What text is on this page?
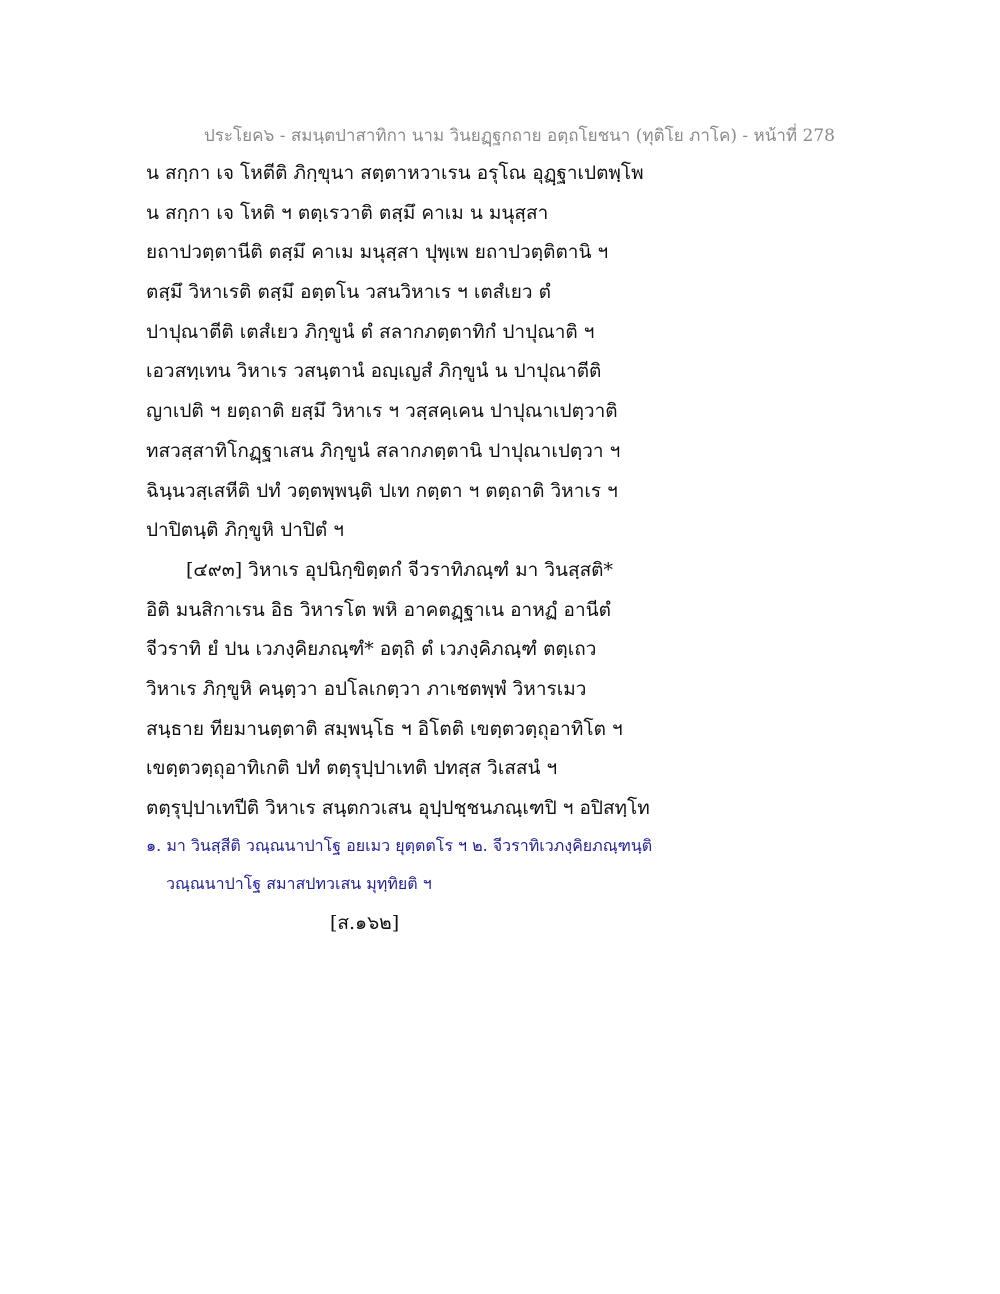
ประโยค๖ - สมนฺตปาสาทิกา นาม วินยฏฺฐกถาย อตฺถโยชนา (ทุติโย ภาโค) - หน้าที่ 278
น สกฺกา เจ โหตีติ ภิกฺขุนา สตฺตาหวาเรน อรุโณ อุฏฺฐาเปตพฺโพ
น สกฺกา เจ โหติ ฯ ตตฺเรวาติ ตสฺมึ คาเม น มนุสฺสา
ยถาปวตฺตานีติ ตสฺมึ คาเม มนุสฺสา ปุพฺเพ ยถาปวตฺติตานิ ฯ
ตสฺมึ วิหาเรติ ตสฺมึ อตฺตโน วสนวิหาเร ฯ เตสํเยว ตํ
ปาปุณาตีติ เตสํเยว ภิกฺขูนํ ตํ สลากภตฺตาทิกํ ปาปุณาติ ฯ
เอวสทฺเทน วิหาเร วสนฺตานํ อญฺเญสํ ภิกฺขูนํ น ปาปุณาตีติ
ญาเปติ ฯ ยตฺถาติ ยสฺมึ วิหาเร ฯ วสฺสคฺเคน ปาปุณาเปตฺวาติ
ทสวสฺสาทิโกฏฺฐาเสน ภิกฺขูนํ สลากภตฺตานิ ปาปุณาเปตฺวา ฯ
ฉินฺนวสฺเสหีติ ปทํ วตฺตพฺพนฺติ ปเท กตฺตา ฯ ตตฺถาติ วิหาเร ฯ
ปาปิตนฺติ ภิกฺขูหิ ปาปิตํ ฯ
[๔๙๓] วิหาเร อุปนิกฺขิตฺตกํ จีวราทิภณฺฑํ มา วินสฺสติ*
อิติ มนสิกาเรน อิธ วิหารโต พหิ อาคตฏฺฐาเน อาหฏํ อานีตํ
จีวราทิ ยํ ปน เวภงฺคิยภณฺฑํ* อตฺถิ ตํ เวภงฺคิภณฺฑํ ตตฺเถว
วิหาเร ภิกฺขูหิ คนฺตฺวา อปโลเกตฺวา ภาเชตพฺพํ วิหารเมว
สนฺธาย ทียมานตฺตาติ สมฺพนฺโธ ฯ อิโตติ เขตฺตวตฺถุอาทิโต ฯ
เขตฺตวตฺถุอาทิเกติ ปทํ ตตฺรุปฺปาเทติ ปทสฺส วิเสสนํ ฯ
ตตฺรุปฺปาเทปีติ วิหาเร สนฺตกวเสน อุปฺปชฺชนภณฺเฑปิ ฯ อปิสทฺโท
๑. มา วินสฺสีติ วณฺณนาปาโฐ อยเมว ยุตฺตตโร ฯ ๒. จีวราทิเวภงฺคิยภณฺฑนฺติ
วณฺณนาปาโฐ สมาสปทวเสน มุทฺทิยติ ฯ
[ส.๑๖๒]
